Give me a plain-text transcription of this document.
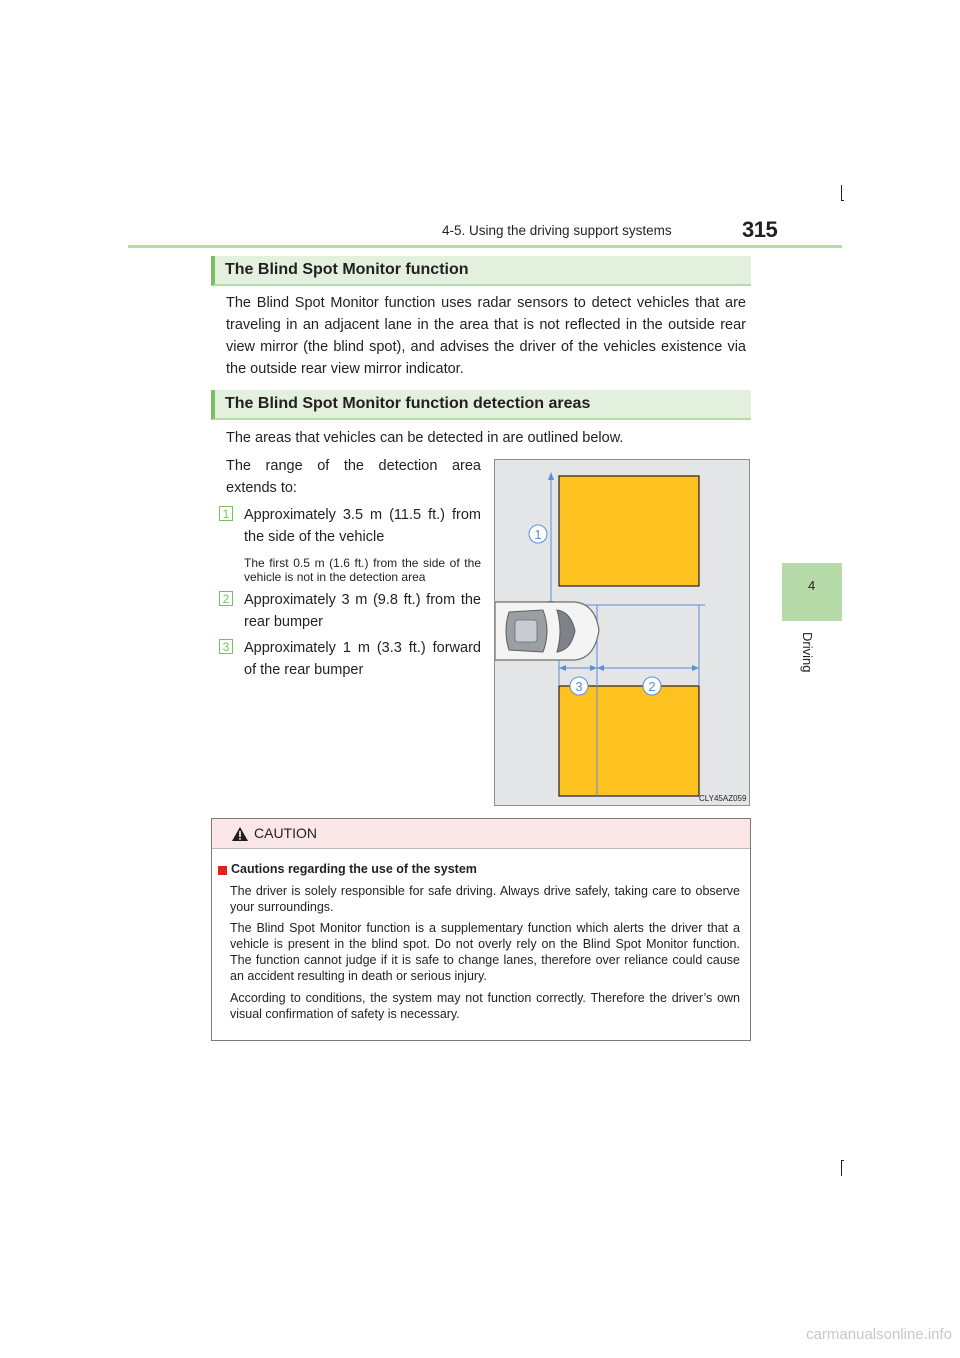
4-5. Using the driving support systems	315
4
Driving
The Blind Spot Monitor function
The Blind Spot Monitor function uses radar sensors to detect vehicles that are traveling in an adjacent lane in the area that is not reflected in the outside rear view mirror (the blind spot), and advises the driver of the vehicles existence via the outside rear view mirror indicator.
The Blind Spot Monitor function detection areas
The areas that vehicles can be detected in are outlined below.
The range of the detection area extends to:
1 Approximately 3.5 m (11.5 ft.) from the side of the vehicle
The first 0.5 m (1.6 ft.) from the side of the vehicle is not in the detection area
2 Approximately 3 m (9.8 ft.) from the rear bumper
3 Approximately 1 m (3.3 ft.) forward of the rear bumper
1
3	2
CLY45AZ059
CAUTION
Cautions regarding the use of the system
The driver is solely responsible for safe driving. Always drive safely, taking care to observe your surroundings.
The Blind Spot Monitor function is a supplementary function which alerts the driver that a vehicle is present in the blind spot. Do not overly rely on the Blind Spot Monitor function. The function cannot judge if it is safe to change lanes, therefore over reliance could cause an accident resulting in death or serious injury.
According to conditions, the system may not function correctly. Therefore the driver’s own visual confirmation of safety is necessary.
carmanualsonline.info
